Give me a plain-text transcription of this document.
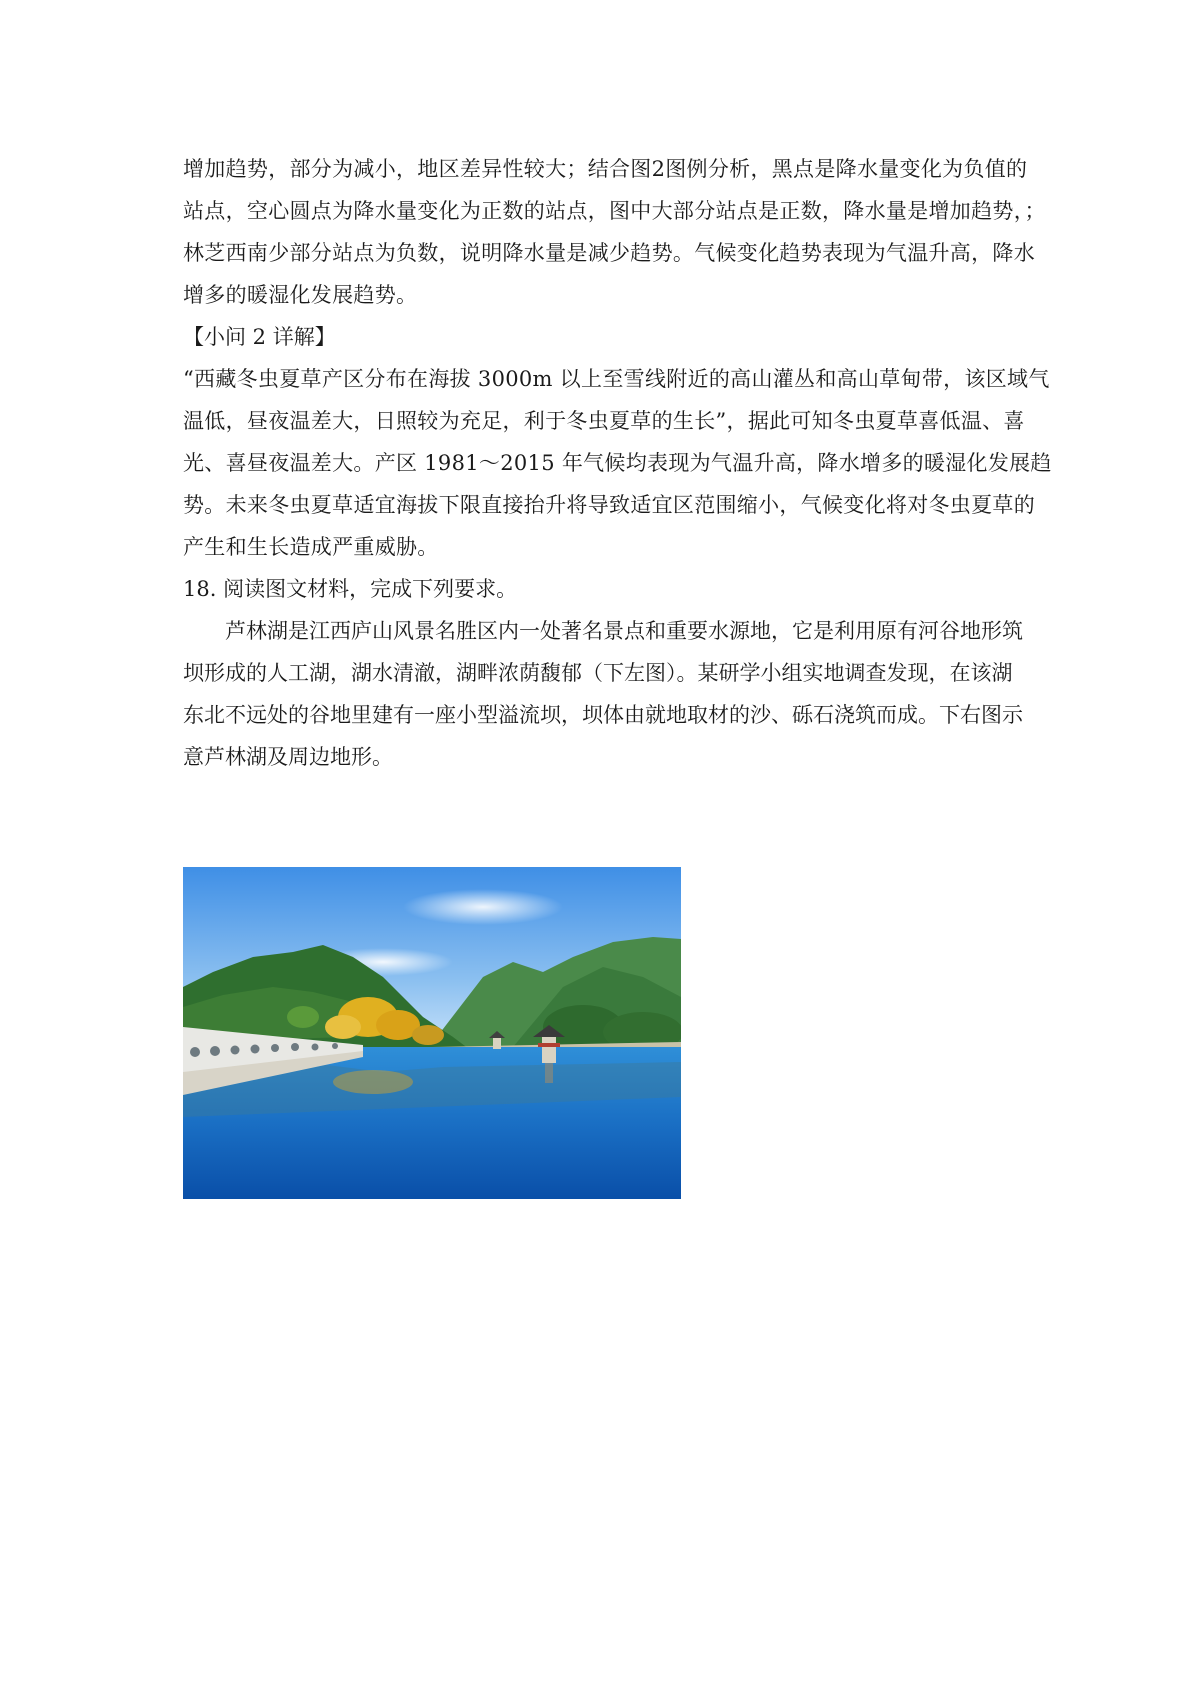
增加趋势，部分为减小，地区差异性较大；结合图2图例分析，黑点是降水量变化为负值的
站点，空心圆点为降水量变化为正数的站点，图中大部分站点是正数，降水量是增加趋势，；
林芝西南少部分站点为负数，说明降水量是减少趋势。气候变化趋势表现为气温升高，降水
增多的暖湿化发展趋势。

【小问 2 详解】

“西藏冬虫夏草产区分布在海拔 3000m 以上至雪线附近的高山灌丛和高山草甸带，该区域气
温低，昼夜温差大，日照较为充足，利于冬虫夏草的生长”，据此可知冬虫夏草喜低温、喜
光、喜昼夜温差大。产区 1981～2015 年气候均表现为气温升高，降水增多的暖湿化发展趋
势。未来冬虫夏草适宜海拔下限直接抬升将导致适宜区范围缩小，气候变化将对冬虫夏草的
产生和生长造成严重威胁。

18. 阅读图文材料，完成下列要求。

芦林湖是江西庐山风景名胜区内一处著名景点和重要水源地，它是利用原有河谷地形筑
坝形成的人工湖，湖水清澈，湖畔浓荫馥郁（下左图）。某研学小组实地调查发现，在该湖
东北不远处的谷地里建有一座小型溢流坝，坝体由就地取材的沙、砾石浇筑而成。下右图示
意芦林湖及周边地形。
